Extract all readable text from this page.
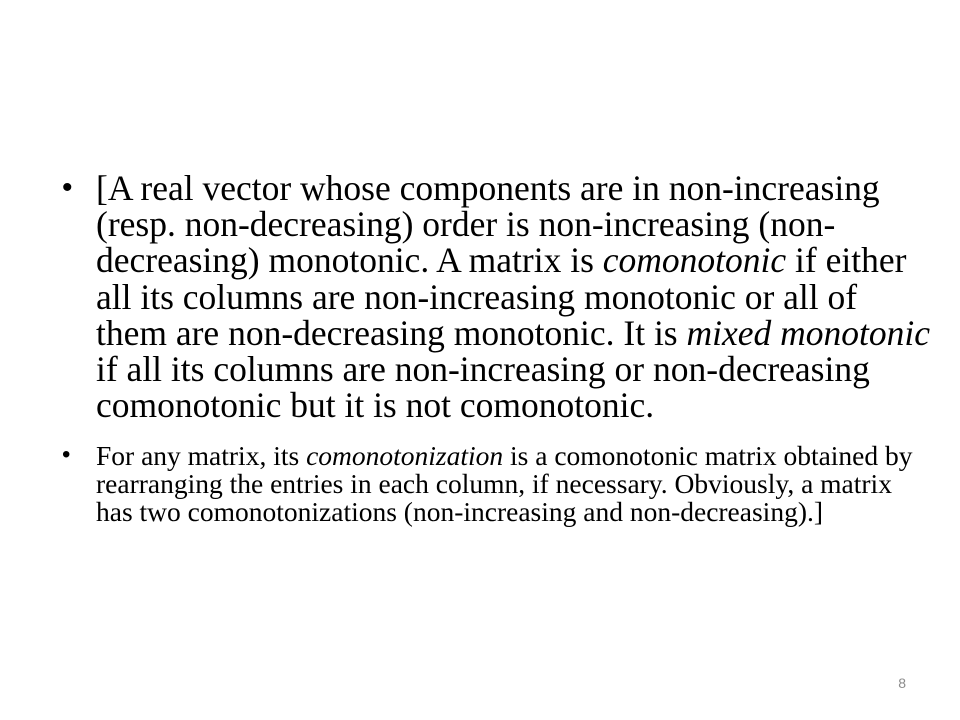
• [A real vector whose components are in non-increasing (resp. non-decreasing) order is non-increasing (non-decreasing) monotonic. A matrix is comonotonic if either all its columns are non-increasing monotonic or all of them are non-decreasing monotonic. It is mixed monotonic if all its columns are non-increasing or non-decreasing comonotonic but it is not comonotonic.
• For any matrix, its comonotonization is a comonotonic matrix obtained by rearranging the entries in each column, if necessary. Obviously, a matrix has two comonotonizations (non-increasing and non-decreasing).]
8
